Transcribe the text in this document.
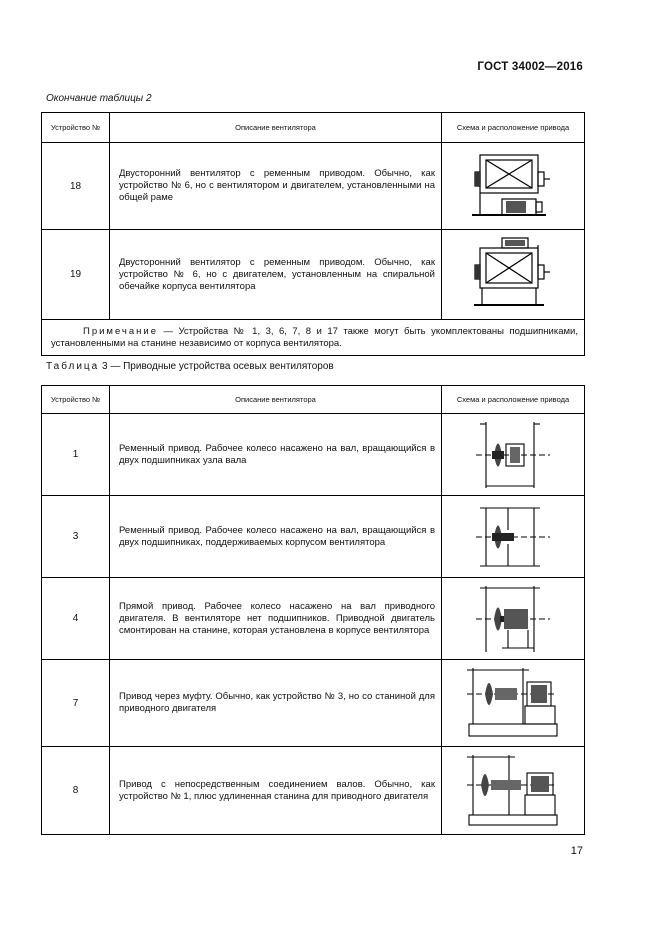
ГОСТ 34002—2016
Окончание таблицы 2
Устройство №	Описание вентилятора	Схема и расположение привода
18	Двусторонний вентилятор с ременным приводом. Обычно, как устройство № 6, но с вентилятором и двигателем, установленными на общей раме	

19	Двусторонний вентилятор с ременным приводом. Обычно, как устройство № 6, но с двигателем, установленным на спиральной обечайке корпуса вентилятора	

Примечание — Устройства № 1, 3, 6, 7, 8 и 17 также могут быть укомплектованы подшипниками, установленными на станине независимо от корпуса вентилятора.		
Таблица 3 — Приводные устройства осевых вентиляторов
Устройство №	Описание вентилятора	Схема и расположение привода
1	Ременный привод. Рабочее колесо насажено на вал, вращающийся в двух подшипниках узла вала	

3	Ременный привод. Рабочее колесо насажено на вал, вращающийся в двух подшипниках, поддерживаемых корпусом вентилятора	

4	Прямой привод. Рабочее колесо насажено на вал приводного двигателя. В вентиляторе нет подшипников. Приводной двигатель смонтирован на станине, которая установлена в корпусе вентилятора	

7	Привод через муфту. Обычно, как устройство № 3, но со станиной для приводного двигателя	

8	Привод с непосредственным соединением валов. Обычно, как устройство № 1, плюс удлиненная станина для приводного двигателя	
17
